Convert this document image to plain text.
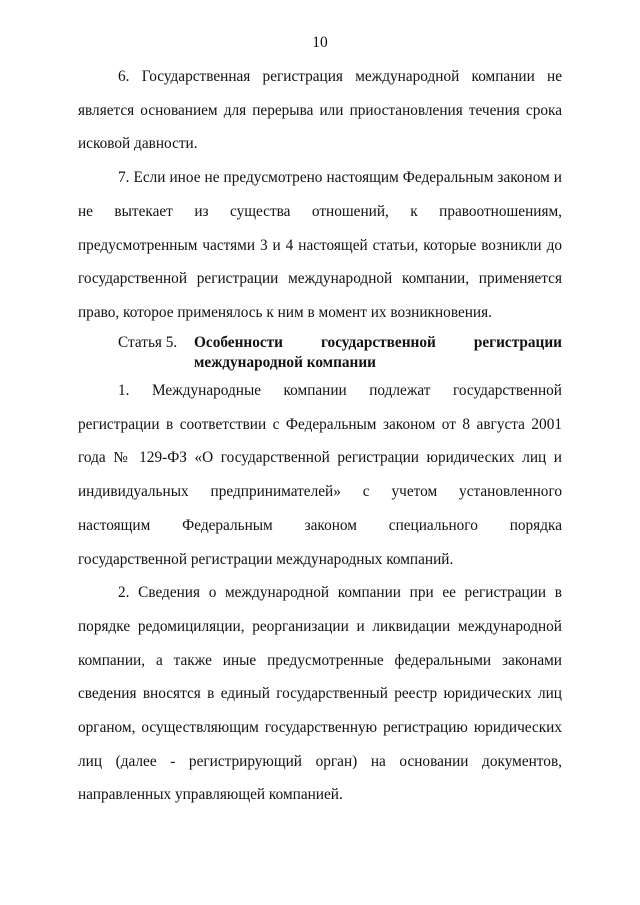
10

6. Государственная регистрация международной компании не является основанием для перерыва или приостановления течения срока исковой давности.

7. Если иное не предусмотрено настоящим Федеральным законом и не вытекает из существа отношений, к правоотношениям, предусмотренным частями 3 и 4 настоящей статьи, которые возникли до государственной регистрации международной компании, применяется право, которое применялось к ним в момент их возникновения.

Статья 5. Особенности государственной регистрации
международной компании

1. Международные компании подлежат государственной регистрации в соответствии с Федеральным законом от 8 августа 2001 года № 129-ФЗ «О государственной регистрации юридических лиц и индивидуальных предпринимателей» с учетом установленного настоящим Федеральным законом специального порядка государственной регистрации международных компаний.

2. Сведения о международной компании при ее регистрации в порядке редомициляции, реорганизации и ликвидации международной компании, а также иные предусмотренные федеральными законами сведения вносятся в единый государственный реестр юридических лиц органом, осуществляющим государственную регистрацию юридических лиц (далее - регистрирующий орган) на основании документов, направленных управляющей компанией.
